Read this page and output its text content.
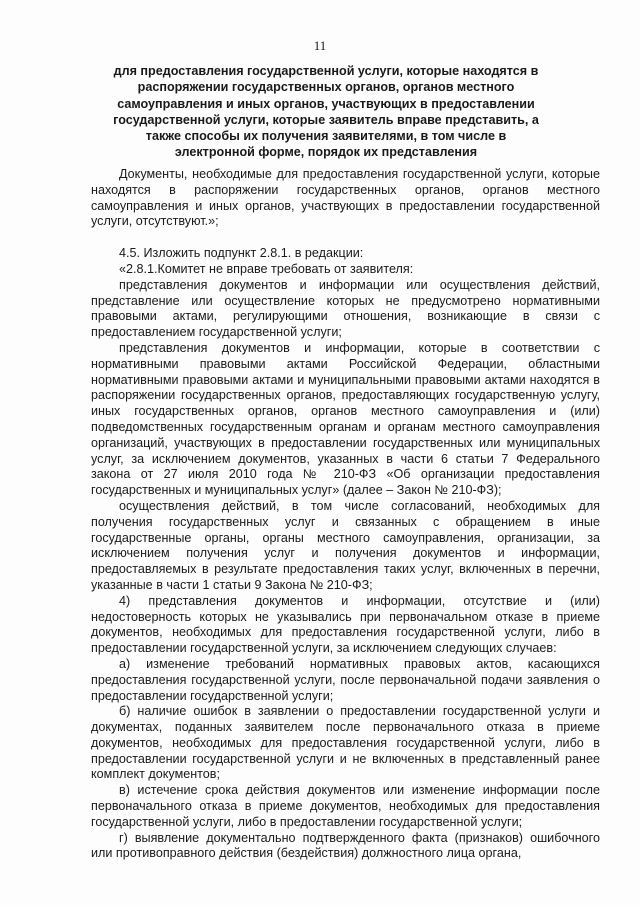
11
для предоставления государственной услуги, которые находятся в распоряжении государственных органов, органов местного самоуправления и иных органов, участвующих в предоставлении государственной услуги, которые заявитель вправе представить, а также способы их получения заявителями, в том числе в электронной форме, порядок их представления

Документы, необходимые для предоставления государственной услуги, которые находятся в распоряжении государственных органов, органов местного самоуправления и иных органов, участвующих в предоставлении государственной услуги, отсутствуют.»;

4.5. Изложить подпункт 2.8.1. в редакции:

«2.8.1.Комитет не вправе требовать от заявителя:

представления документов и информации или осуществления действий, представление или осуществление которых не предусмотрено нормативными правовыми актами, регулирующими отношения, возникающие в связи с предоставлением государственной услуги;

представления документов и информации, которые в соответствии с нормативными правовыми актами Российской Федерации, областными нормативными правовыми актами и муниципальными правовыми актами находятся в распоряжении государственных органов, предоставляющих государственную услугу, иных государственных органов, органов местного самоуправления и (или) подведомственных государственным органам и органам местного самоуправления организаций, участвующих в предоставлении государственных или муниципальных услуг, за исключением документов, указанных в части 6 статьи 7 Федерального закона от 27 июля 2010 года № 210-ФЗ «Об организации предоставления государственных и муниципальных услуг» (далее – Закон № 210-ФЗ);

осуществления действий, в том числе согласований, необходимых для получения государственных услуг и связанных с обращением в иные государственные органы, органы местного самоуправления, организации, за исключением получения услуг и получения документов и информации, предоставляемых в результате предоставления таких услуг, включенных в перечни, указанные в части 1 статьи 9 Закона № 210-ФЗ;

4) представления документов и информации, отсутствие и (или) недостоверность которых не указывались при первоначальном отказе в приеме документов, необходимых для предоставления государственной услуги, либо в предоставлении государственной услуги, за исключением следующих случаев:

а) изменение требований нормативных правовых актов, касающихся предоставления государственной услуги, после первоначальной подачи заявления о предоставлении государственной услуги;

б) наличие ошибок в заявлении о предоставлении государственной услуги и документах, поданных заявителем после первоначального отказа в приеме документов, необходимых для предоставления государственной услуги, либо в предоставлении государственной услуги и не включенных в представленный ранее комплект документов;

в) истечение срока действия документов или изменение информации после первоначального отказа в приеме документов, необходимых для предоставления государственной услуги, либо в предоставлении государственной услуги;

г) выявление документально подтвержденного факта (признаков) ошибочного или противоправного действия (бездействия) должностного лица органа,
